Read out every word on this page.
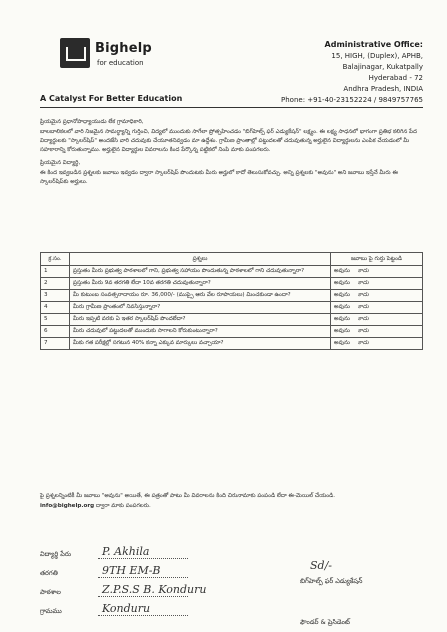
Bighelp
for education
A Catalyst For Better Education
Administrative Office:
15, HIGH, (Duplex), APHB,
Balajinagar, Kukatpally
Hyderabad - 72
Andhra Pradesh, INDIA
Phone: +91-40-23152224 / 9849757765
ప్రియమైన ప్రధానోపాధ్యాయుడు లేక గ్రామాధికారి,
బాలబాలికలలో వారి నిజమైన సామర్థ్యాన్ని గుర్తించి, విద్యలో ముందుకు సాగేలా ప్రోత్సహించడం "బిగ్‌హెల్ప్ ఫర్ ఎడ్యుకేషన్" లక్ష్యం. ఈ లక్ష్య సాధనలో భాగంగా ప్రతిభ కలిగిన పేద విద్యార్థులకు "స్కాలర్‌షిప్" అందజేసి వారి చదువుకు చేయూతనివ్వడం మా ఉద్దేశం. గ్రామీణ ప్రాంతాల్లో పట్టుదలతో చదువుతున్న అర్హులైన విద్యార్థులను ఎంపిక చేయడంలో మీ సహకారాన్ని కోరుతున్నాము. అర్హులైన విద్యార్థుల వివరాలను కింద పేర్కొన్న పట్టికలో నింపి మాకు పంపగలరు.
ప్రియమైన విద్యార్థి,
ఈ కింద ఇవ్వబడిన ప్రశ్నలకు జవాబు ఇవ్వడం ద్వారా స్కాలర్‌షిప్‌ పొందుటకు మీరు అర్హులో కాదో తెలుసుకోవచ్చు. అన్ని ప్రశ్నలకు "అవును" అని జవాబు ఇస్తేనే మీరు ఈ స్కాలర్‌షిప్‌కు అర్హులు.
క్ర.సం.	ప్రశ్నలు	జవాబు పై గుర్తు పెట్టండి
1	ప్రస్తుతం మీరు ప్రభుత్వ పాఠశాలలో గాని, ప్రభుత్వ సహాయం పొందుతున్న పాఠశాలలో గాని చదువుతున్నారా?	అవును కాదు
2	ప్రస్తుతం మీరు 9వ తరగతి లేదా 10వ తరగతి చదువుతున్నారా?	అవును కాదు
3	మీ కుటుంబ సంవత్సరాదాయం రూ. 36,000/- (ముప్పై ఆరు వేల రూపాయలు) మించకుండా ఉందా?	అవును కాదు
4	మీరు గ్రామీణ ప్రాంతంలో నివసిస్తున్నారా?	అవును కాదు
5	మీరు ఇప్పటి వరకు ఏ ఇతర స్కాలర్‌షిప్ పొందలేదా?	అవును కాదు
6	మీరు చదువులో పట్టుదలతో ముందుకు సాగాలని కోరుకుంటున్నారా?	అవును కాదు
7	మీకు గత పరీక్షల్లో సగటున 40% కన్నా ఎక్కువ మార్కులు వచ్చాయా?	అవును కాదు
పై ప్రశ్నలన్నింటికీ మీ జవాబు "అవును" అయితే, ఈ పత్రంతో పాటు మీ వివరాలను కింది చిరునామాకు పంపండి లేదా ఈ-మెయిల్ చేయండి.
info@bighelp.org ద్వారా మాకు పంపగలరు.
విద్యార్థి పేరు	P. Akhila
తరగతి	9TH EM-B
పాఠశాల	Z.P.S.S B. Konduru
గ్రామము	Konduru
Sd/-
బిగ్‌హెల్ప్ ఫర్ ఎడ్యుకేషన్
ఫౌండర్ & ప్రెసిడెంట్
